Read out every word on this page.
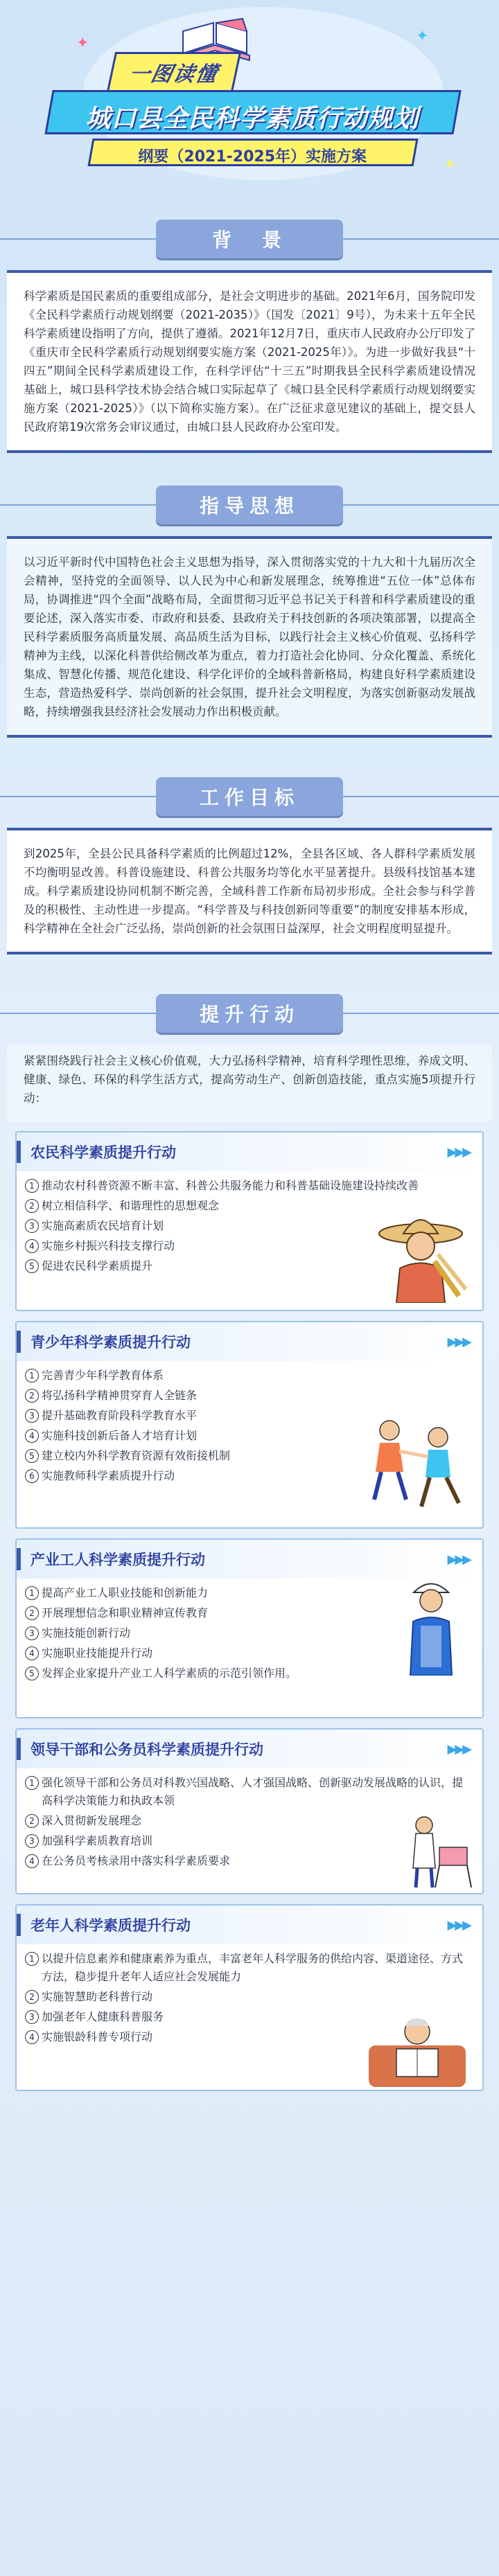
✦	✦
✦
一图读懂
城口县全民科学素质行动规划
纲要（2021-2025年）实施方案
背　景
科学素质是国民素质的重要组成部分，是社会文明进步的基础。2021年6月，国务院印发《全民科学素质行动规划纲要（2021-2035）》（国发〔2021〕9号），为未来十五年全民科学素质建设指明了方向，提供了遵循。2021年12月7日，重庆市人民政府办公厅印发了《重庆市全民科学素质行动规划纲要实施方案（2021-2025年）》。为进一步做好我县“十四五”期间全民科学素质建设工作，在科学评估“十三五”时期我县全民科学素质建设情况基础上，城口县科学技术协会结合城口实际起草了《城口县全民科学素质行动规划纲要实施方案（2021-2025）》（以下简称实施方案）。在广泛征求意见建议的基础上，提交县人民政府第19次常务会审议通过，由城口县人民政府办公室印发。
指导思想
以习近平新时代中国特色社会主义思想为指导，深入贯彻落实党的十九大和十九届历次全会精神，坚持党的全面领导、以人民为中心和新发展理念，统筹推进“五位一体”总体布局，协调推进“四个全面”战略布局，全面贯彻习近平总书记关于科普和科学素质建设的重要论述，深入落实市委、市政府和县委、县政府关于科技创新的各项决策部署，以提高全民科学素质服务高质量发展、高品质生活为目标，以践行社会主义核心价值观、弘扬科学精神为主线，以深化科普供给侧改革为重点，着力打造社会化协同、分众化覆盖、系统化集成、智慧化传播、规范化建设、科学化评价的全域科普新格局，构建良好科学素质建设生态，营造热爱科学、崇尚创新的社会氛围，提升社会文明程度，为落实创新驱动发展战略，持续增强我县经济社会发展动力作出积极贡献。
工作目标
到2025年，全县公民具备科学素质的比例超过12%，全县各区域、各人群科学素质发展不均衡明显改善。科普设施建设、科普公共服务均等化水平显著提升。县级科技馆基本建成。科学素质建设协同机制不断完善，全域科普工作新布局初步形成。全社会参与科学普及的积极性、主动性进一步提高。“科学普及与科技创新同等重要”的制度安排基本形成，科学精神在全社会广泛弘扬，崇尚创新的社会氛围日益深厚，社会文明程度明显提升。
提升行动
紧紧围绕践行社会主义核心价值观，大力弘扬科学精神，培育科学理性思维，养成文明、健康、绿色、环保的科学生活方式，提高劳动生产、创新创造技能，重点实施5项提升行动：
农民科学素质提升行动	▶▶▶
1 推动农村科普资源不断丰富、科普公共服务能力和科普基础设施建设持续改善
2 树立相信科学、和谐理性的思想观念
3 实施高素质农民培育计划
4 实施乡村振兴科技支撑行动
5 促进农民科学素质提升
青少年科学素质提升行动	▶▶▶
1 完善青少年科学教育体系
2 将弘扬科学精神贯穿育人全链条
3 提升基础教育阶段科学教育水平
4 实施科技创新后备人才培育计划
5 建立校内外科学教育资源有效衔接机制
6 实施教师科学素质提升行动
产业工人科学素质提升行动	▶▶▶
1 提高产业工人职业技能和创新能力
2 开展理想信念和职业精神宣传教育
3 实施技能创新行动
4 实施职业技能提升行动
5 发挥企业家提升产业工人科学素质的示范引领作用。
领导干部和公务员科学素质提升行动	▶▶▶
1 强化领导干部和公务员对科教兴国战略、人才强国战略、创新驱动发展战略的认识，提高科学决策能力和执政本领
2 深入贯彻新发展理念
3 加强科学素质教育培训
4 在公务员考核录用中落实科学素质要求
老年人科学素质提升行动	▶▶▶
1 以提升信息素养和健康素养为重点，丰富老年人科学服务的供给内容、渠道途径、方式方法，稳步提升老年人适应社会发展能力
2 实施智慧助老科普行动
3 加强老年人健康科普服务
4 实施银龄科普专项行动
